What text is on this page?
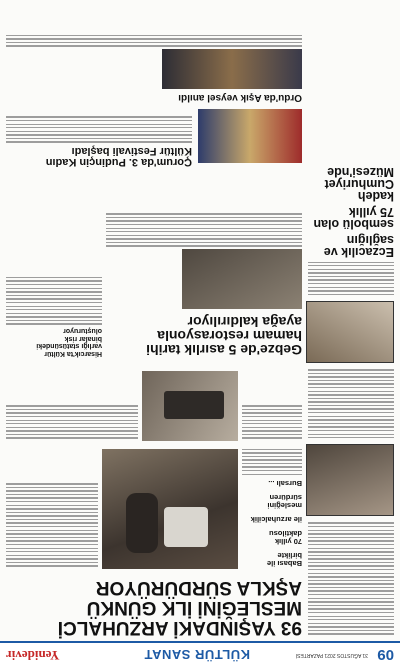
09
31 AĞUSTOS 2021 PAZARTESİ
KÜLTÜR SANAT
Yenidevir
93 YAŞINDAKİ ARZUHALCİ
MESLEĞİNİ İLK GÜNKÜ
AŞKLA SÜRDÜRÜYOR
Babası ile birlikte
70 yıllık daktilosu
ile arzuhalcilik
mesleğini sürdüren
Bursalı ...
Hisarcık'ta Kültür
varlığı statüsündeki
binalar risk
oluşturuyor
Gebze'de 5 asırlık tarihi
hamam restorasyonla
ayağa kaldırılıyor
Çorum'da 3. Pudinçin Kadın
Kültür Festivali başladı
Ordu'da Aşık veysel anıldı
Eczacılık ve sağlığın
sembolü olan 75 yıllık
kadeh Cumhuriyet Müzesi'nde
